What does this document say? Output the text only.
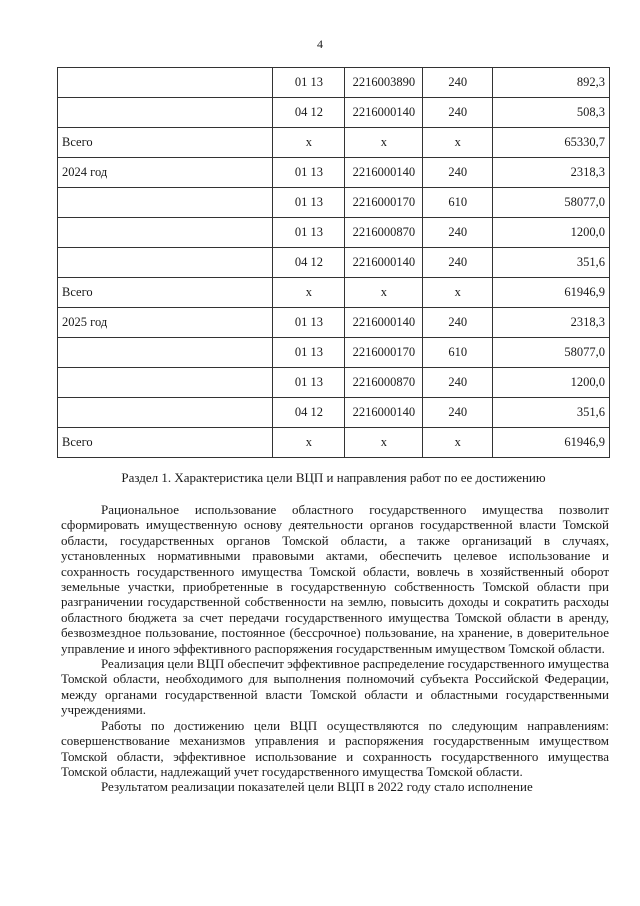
4
	01 13	2216003890	240	892,3
	04 12	2216000140	240	508,3
Всего	х	х	х	65330,7
2024 год	01 13	2216000140	240	2318,3
	01 13	2216000170	610	58077,0
	01 13	2216000870	240	1200,0
	04 12	2216000140	240	351,6
Всего	х	х	х	61946,9
2025 год	01 13	2216000140	240	2318,3
	01 13	2216000170	610	58077,0
	01 13	2216000870	240	1200,0
	04 12	2216000140	240	351,6
Всего	х	х	х	61946,9
Раздел 1. Характеристика цели ВЦП и направления работ по ее достижению

Рациональное использование областного государственного имущества позволит сформировать имущественную основу деятельности органов государственной власти Томской области, государственных органов Томской области, а также организаций в случаях, установленных нормативными правовыми актами, обеспечить целевое использование и сохранность государственного имущества Томской области, вовлечь в хозяйственный оборот земельные участки, приобретенные в государственную собственность Томской области при разграничении государственной собственности на землю, повысить доходы и сократить расходы областного бюджета за счет передачи государственного имущества Томской области в аренду, безвозмездное пользование, постоянное (бессрочное) пользование, на хранение, в доверительное управление и иного эффективного распоряжения государственным имуществом Томской области.

Реализация цели ВЦП обеспечит эффективное распределение государственного имущества Томской области, необходимого для выполнения полномочий субъекта Российской Федерации, между органами государственной власти Томской области и областными государственными учреждениями.

Работы по достижению цели ВЦП осуществляются по следующим направлениям: совершенствование механизмов управления и распоряжения государственным имуществом Томской области, эффективное использование и сохранность государственного имущества Томской области, надлежащий учет государственного имущества Томской области.

Результатом реализации показателей цели ВЦП в 2022 году стало исполнение
